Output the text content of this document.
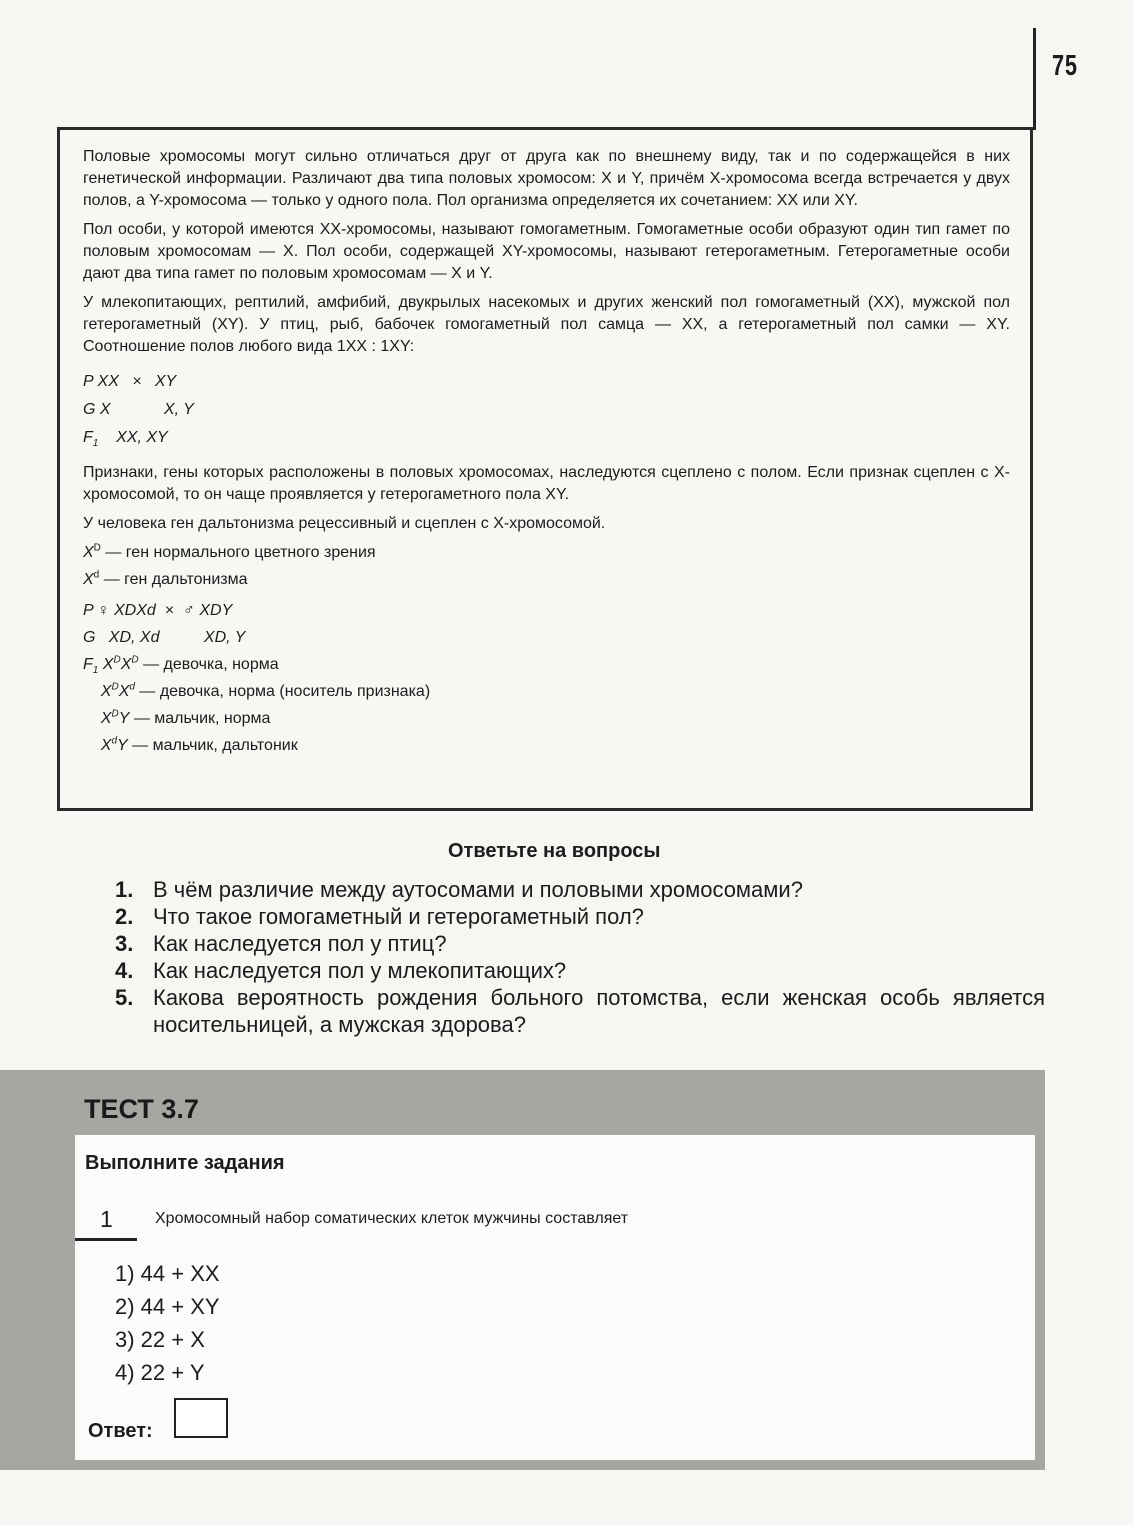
75

Половые хромосомы могут сильно отличаться друг от друга как по внешнему виду, так и по содержащейся в них генетической информации. Различают два типа половых хромосом: X и Y, причём X-хромосома всегда встречается у двух полов, а Y-хромосома — только у одного пола. Пол организма определяется их сочетанием: XX или XY.

Пол особи, у которой имеются XX-хромосомы, называют гомогаметным. Гомогаметные особи образуют один тип гамет по половым хромосомам — X. Пол особи, содержащей XY-хромосомы, называют гетерогаметным. Гетерогаметные особи дают два типа гамет по половым хромосомам — X и Y.

У млекопитающих, рептилий, амфибий, двукрылых насекомых и других женский пол гомогаметный (XX), мужской пол гетерогаметный (XY). У птиц, рыб, бабочек гомогаметный пол самца — XX, а гетерогаметный пол самки — XY. Соотношение полов любого вида 1XX : 1XY:

P XX   ×   XY
G X            X, Y
$F_1$    XX, XY

Признаки, гены которых расположены в половых хромосомах, наследуются сцеплено с полом. Если признак сцеплен с X-хромосомой, то он чаще проявляется у гетерогаметного пола XY.

У человека ген дальтонизма рецессивный и сцеплен с X-хромосомой.

$X^D$ — ген нормального цветного зрения
$X^d$ — ген дальтонизма
P ♀ XDXd  ×  ♂ XDY
G   XD, Xd          XD, Y
$F_1$ $X^DX^D$ — девочка, норма
$X^DX^d$ — девочка, норма (носитель признака)
$X^DY$ — мальчик, норма
$X^dY$ — мальчик, дальтоник
Ответьте на вопросы
1. В чём различие между аутосомами и половыми хромосомами?
2. Что такое гомогаметный и гетерогаметный пол?
3. Как наследуется пол у птиц?
4. Как наследуется пол у млекопитающих?
5. Какова вероятность рождения больного потомства, если женская особь является носительницей, а мужская здорова?
ТЕСТ 3.7
Выполните задания
1	Хромосомный набор соматических клеток мужчины составляет
1) 44 + XX
2) 44 + XY
3) 22 + X
4) 22 + Y
Ответ:
